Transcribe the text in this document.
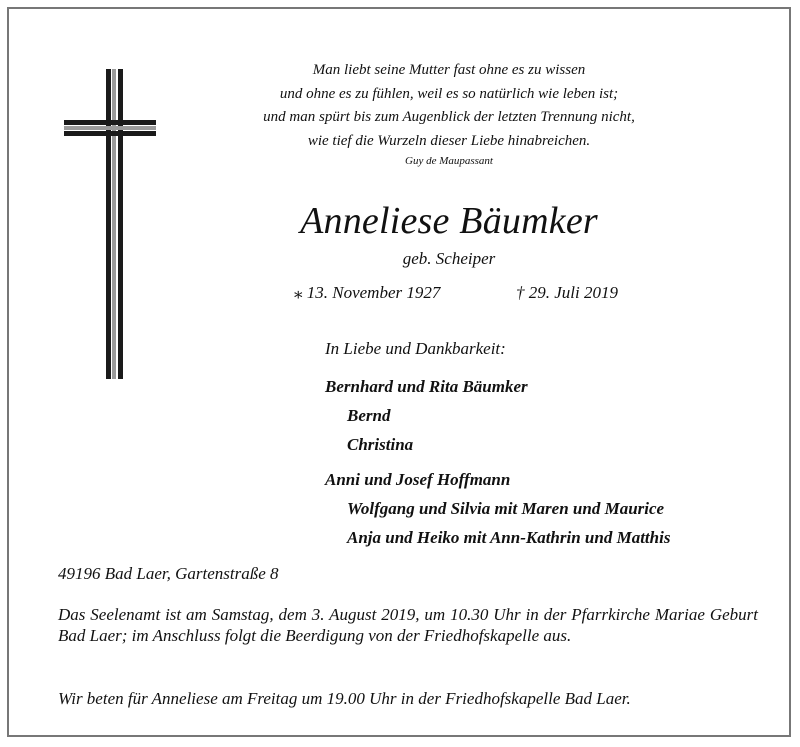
Man liebt seine Mutter fast ohne es zu wissen
und ohne es zu fühlen, weil es so natürlich wie leben ist;
und man spürt bis zum Augenblick der letzten Trennung nicht,
wie tief die Wurzeln dieser Liebe hinabreichen.
Guy de Maupassant
Anneliese Bäumker
geb. Scheiper
⁎ 13. November 1927	† 29. Juli 2019
In Liebe und Dankbarkeit:
Bernhard und Rita Bäumker
Bernd
Christina
Anni und Josef Hoffmann
Wolfgang und Silvia mit Maren und Maurice
Anja und Heiko mit Ann-Kathrin und Matthis
49196 Bad Laer, Gartenstraße 8
Das Seelenamt ist am Samstag, dem 3. August 2019, um 10.30 Uhr in der Pfarrkirche Mariae Geburt Bad Laer; im Anschluss folgt die Beerdigung von der Friedhofskapelle aus.
Wir beten für Anneliese am Freitag um 19.00 Uhr in der Friedhofskapelle Bad Laer.
